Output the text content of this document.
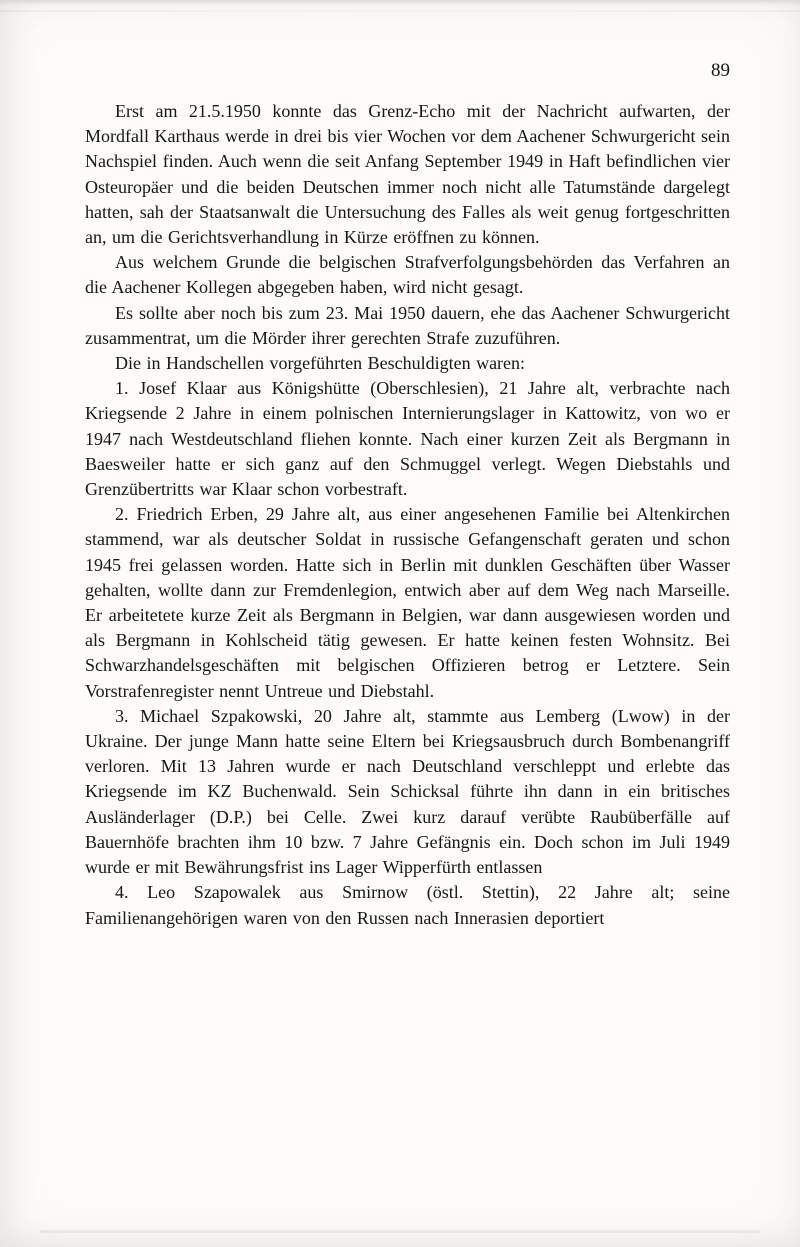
89

Erst am 21.5.1950 konnte das Grenz-Echo mit der Nachricht aufwarten, der Mordfall Karthaus werde in drei bis vier Wochen vor dem Aachener Schwurgericht sein Nachspiel finden. Auch wenn die seit Anfang September 1949 in Haft befindlichen vier Osteuropäer und die beiden Deutschen immer noch nicht alle Tatumstände dargelegt hatten, sah der Staatsanwalt die Untersuchung des Falles als weit genug fortgeschritten an, um die Gerichtsverhandlung in Kürze eröffnen zu können.

Aus welchem Grunde die belgischen Strafverfolgungsbehörden das Verfahren an die Aachener Kollegen abgegeben haben, wird nicht gesagt.

Es sollte aber noch bis zum 23. Mai 1950 dauern, ehe das Aachener Schwurgericht zusammentrat, um die Mörder ihrer gerechten Strafe zuzuführen.

Die in Handschellen vorgeführten Beschuldigten waren:

1. Josef Klaar aus Königshütte (Oberschlesien), 21 Jahre alt, verbrachte nach Kriegsende 2 Jahre in einem polnischen Internierungslager in Kattowitz, von wo er 1947 nach Westdeutschland fliehen konnte. Nach einer kurzen Zeit als Bergmann in Baesweiler hatte er sich ganz auf den Schmuggel verlegt. Wegen Diebstahls und Grenzübertritts war Klaar schon vorbestraft.

2. Friedrich Erben, 29 Jahre alt, aus einer angesehenen Familie bei Altenkirchen stammend, war als deutscher Soldat in russische Gefangenschaft geraten und schon 1945 frei gelassen worden. Hatte sich in Berlin mit dunklen Geschäften über Wasser gehalten, wollte dann zur Fremdenlegion, entwich aber auf dem Weg nach Marseille. Er arbeitetete kurze Zeit als Bergmann in Belgien, war dann ausgewiesen worden und als Bergmann in Kohlscheid tätig gewesen. Er hatte keinen festen Wohnsitz. Bei Schwarzhandelsgeschäften mit belgischen Offizieren betrog er Letztere. Sein Vorstrafenregister nennt Untreue und Diebstahl.

3. Michael Szpakowski, 20 Jahre alt, stammte aus Lemberg (Lwow) in der Ukraine. Der junge Mann hatte seine Eltern bei Kriegsausbruch durch Bombenangriff verloren. Mit 13 Jahren wurde er nach Deutschland verschleppt und erlebte das Kriegsende im KZ Buchenwald. Sein Schicksal führte ihn dann in ein britisches Ausländerlager (D.P.) bei Celle. Zwei kurz darauf verübte Raubüberfälle auf Bauernhöfe brachten ihm 10 bzw. 7 Jahre Gefängnis ein. Doch schon im Juli 1949 wurde er mit Bewährungsfrist ins Lager Wipperfürth entlassen

4. Leo Szapowalek aus Smirnow (östl. Stettin), 22 Jahre alt; seine Familienangehörigen waren von den Russen nach Innerasien deportiert
